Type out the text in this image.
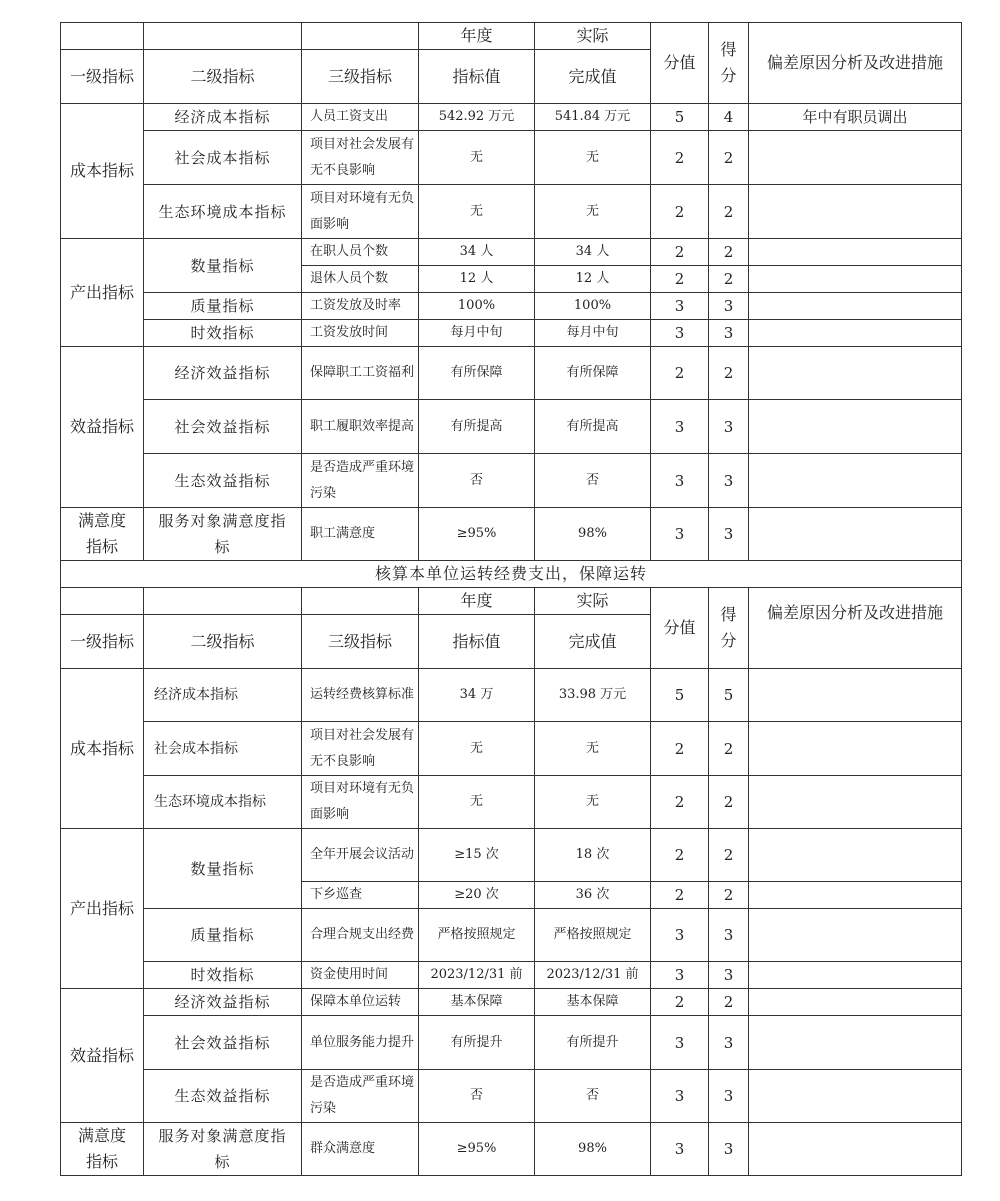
			年度	实际	分值	得分	偏差原因分析及改进措施
一级指标	二级指标	三级指标	指标值	完成值			
成本指标	经济成本指标	人员工资支出	542.92 万元	541.84 万元	5	4	年中有职员调出
	社会成本指标	项目对社会发展有无不良影响	无	无	2	2	
	生态环境成本指标	项目对环境有无负面影响	无	无	2	2	
产出指标	数量指标	在职人员个数	34 人	34 人	2	2	
		退休人员个数	12 人	12 人	2	2	
	质量指标	工资发放及时率	100%	100%	3	3	
	时效指标	工资发放时间	每月中旬	每月中旬	3	3	
效益指标	经济效益指标	保障职工工资福利	有所保障	有所保障	2	2	
	社会效益指标	职工履职效率提高	有所提高	有所提高	3	3	
	生态效益指标	是否造成严重环境污染	否	否	3	3	
满意度指标	服务对象满意度指标	职工满意度	≥95%	98%	3	3	
核算本单位运转经费支出，保障运转							
			年度	实际	分值	得分	偏差原因分析及改进措施
一级指标	二级指标	三级指标	指标值	完成值			
成本指标	经济成本指标	运转经费核算标准	34 万	33.98 万元	5	5	
	社会成本指标	项目对社会发展有无不良影响	无	无	2	2	
	生态环境成本指标	项目对环境有无负面影响	无	无	2	2	
产出指标	数量指标	全年开展会议活动	≥15 次	18 次	2	2	
		下乡巡查	≥20 次	36 次	2	2	
	质量指标	合理合规支出经费	严格按照规定	严格按照规定	3	3	
	时效指标	资金使用时间	2023/12/31 前	2023/12/31 前	3	3	
效益指标	经济效益指标	保障本单位运转	基本保障	基本保障	2	2	
	社会效益指标	单位服务能力提升	有所提升	有所提升	3	3	
	生态效益指标	是否造成严重环境污染	否	否	3	3	
满意度指标	服务对象满意度指标	群众满意度	≥95%	98%	3	3	
